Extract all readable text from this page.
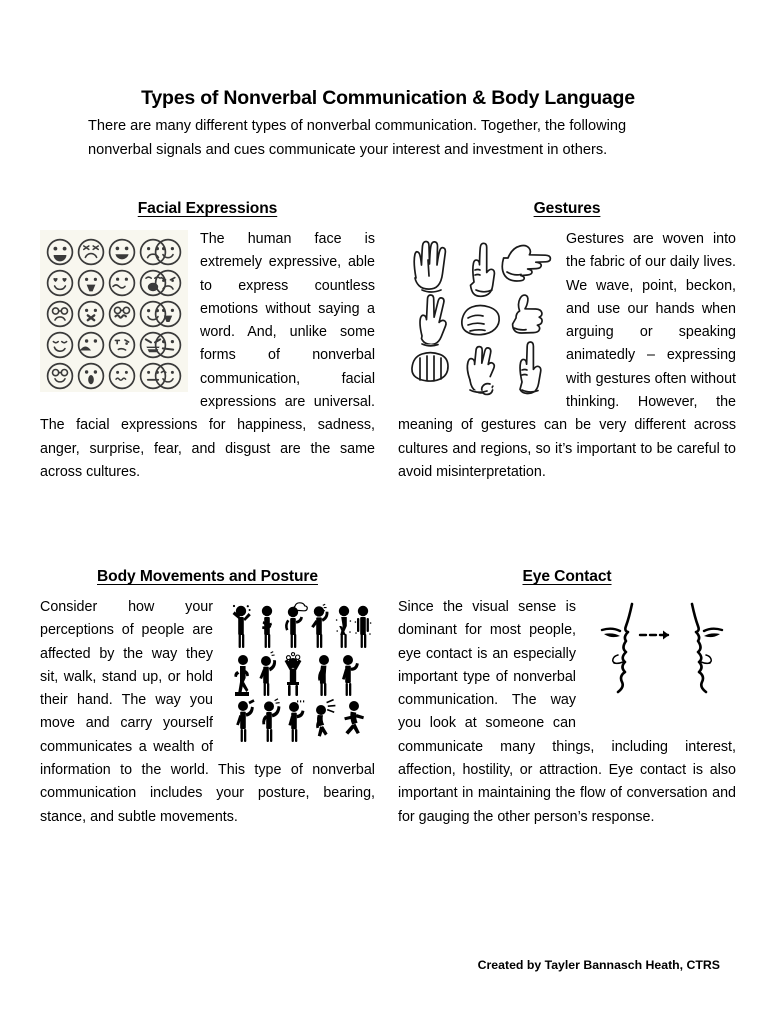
Types of Nonverbal Communication & Body Language
There are many different types of nonverbal communication. Together, the following nonverbal signals and cues communicate your interest and investment in others.
Facial Expressions

The human face is extremely expressive, able to express countless emotions without saying a word. And, unlike some forms of nonverbal communication, facial expressions are universal. The facial expressions for happiness, sadness, anger, surprise, fear, and disgust are the same across cultures.

Gestures

Gestures are woven into the fabric of our daily lives. We wave, point, beckon, and use our hands when arguing or speaking animatedly – expressing with gestures often without thinking. However, the meaning of gestures can be very different across cultures and regions, so it’s important to be careful to avoid misinterpretation.

Body Movements and Posture

Consider how your perceptions of people are affected by the way they sit, walk, stand up, or hold their hand. The way you move and carry yourself communicates a wealth of information to the world. This type of nonverbal communication includes your posture, bearing, stance, and subtle movements.

Eye Contact

Since the visual sense is dominant for most people, eye contact is an especially important type of nonverbal communication. The way you look at someone can communicate many things, including interest, affection, hostility, or attraction. Eye contact is also important in maintaining the flow of conversation and for gauging the other person’s response.

Created by Tayler Bannasch Heath, CTRS
